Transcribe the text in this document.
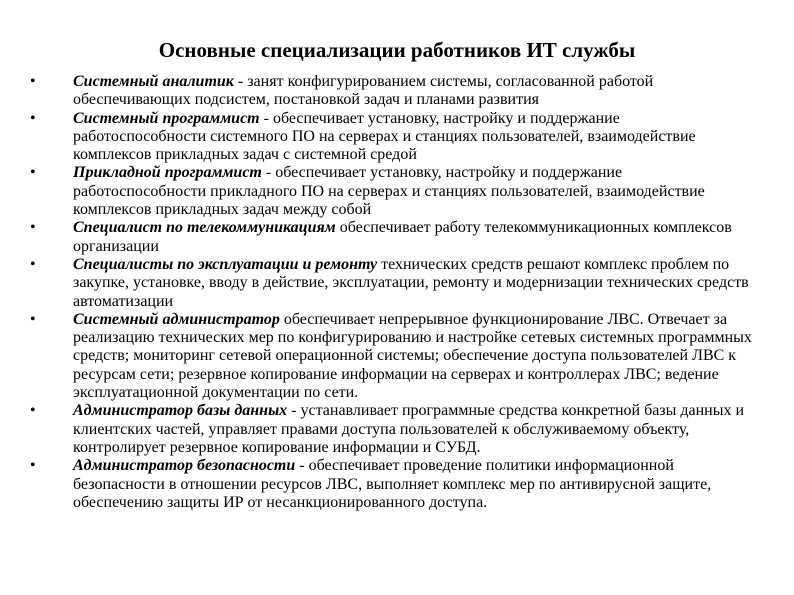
Основные специализации работников ИТ службы
•	Системный аналитик - занят конфигурированием системы, согласованной работой обеспечивающих подсистем, постановкой задач и планами развития
•	Системный программист - обеспечивает установку, настройку и поддержание работоспособности системного ПО на серверах и станциях пользователей, взаимодействие комплексов прикладных задач с системной средой
•	Прикладной программист - обеспечивает установку, настройку и поддержание работоспособности прикладного ПО на серверах и станциях пользователей, взаимодействие комплексов прикладных задач между собой
•	Специалист по телекоммуникациям обеспечивает работу телекоммуникационных комплексов организации
•	Специалисты по эксплуатации и ремонту технических средств решают комплекс проблем по закупке, установке, вводу в действие, эксплуатации, ремонту и модернизации технических средств автоматизации
•	Системный администратор обеспечивает непрерывное функционирование ЛВС. Отвечает за реализацию технических мер по конфигурированию и настройке сетевых системных программных средств; мониторинг сетевой операционной системы; обеспечение доступа пользователей ЛВС к ресурсам сети; резервное копирование информации на серверах и контроллерах ЛВС; ведение эксплуатационной документации по сети.
•	Администратор базы данных - устанавливает программные средства конкретной базы данных и клиентских частей, управляет правами доступа пользователей к обслуживаемому объекту, контролирует резервное копирование информации и СУБД.
•	Администратор безопасности - обеспечивает проведение политики информационной безопасности в отношении ресурсов ЛВС, выполняет комплекс мер по антивирусной защите, обеспечению защиты ИР от несанкционированного доступа.
